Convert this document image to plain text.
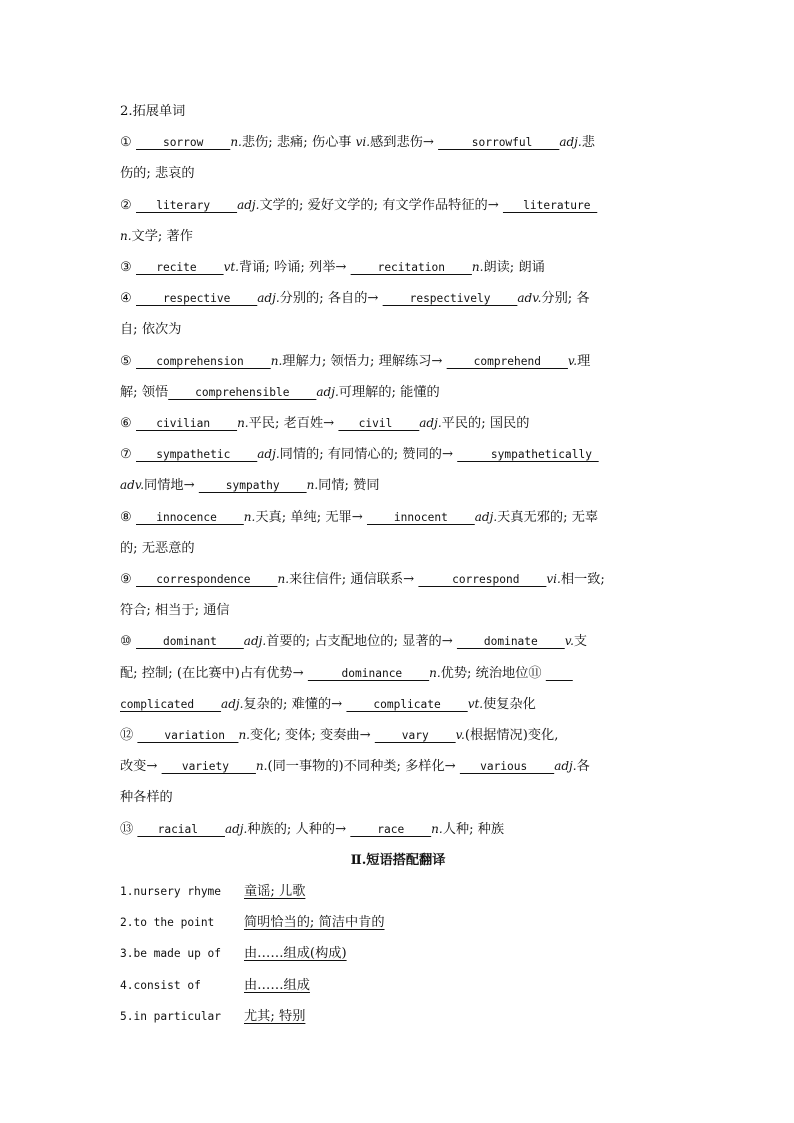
2.拓展单词
①     sorrow    n.悲伤; 悲痛; 伤心事 vi.感到悲伤→      sorrowful    adj.悲
伤的; 悲哀的
②    literary    adj.文学的; 爱好文学的; 有文学作品特征的→    literature
n.文学; 著作
③    recite    vt.背诵; 吟诵; 列举→     recitation    n.朗读; 朗诵
④     respective    adj.分别的; 各自的→     respectively    adv.分别; 各
自; 依次为
⑤    comprehension    n.理解力; 领悟力; 理解练习→     comprehend    v.理
解; 领悟    comprehensible    adj.可理解的; 能懂的
⑥    civilian    n.平民; 老百姓→    civil    adj.平民的; 国民的
⑦    sympathetic    adj.同情的; 有同情心的; 赞同的→      sympathetically
adv.同情地→     sympathy    n.同情; 赞同
⑧    innocence    n.天真; 单纯; 无罪→     innocent    adj.天真无邪的; 无辜
的; 无恶意的
⑨    correspondence    n.来往信件; 通信联系→      correspond    vi.相一致;
符合; 相当于; 通信
⑩     dominant    adj.首要的; 占支配地位的; 显著的→     dominate    v.支
配; 控制; (在比赛中)占有优势→      dominance    n.优势; 统治地位⑪
complicated    adj.复杂的; 难懂的→     complicate    vt.使复杂化
⑫     variation  n.变化; 变体; 变奏曲→     vary    v.(根据情况)变化,
改变→    variety    n.(同一事物的)不同种类; 多样化→    various    adj.各
种各样的
⑬    racial    adj.种族的; 人种的→     race    n.人种; 种族
Ⅱ.短语搭配翻译
1.nursery rhyme 童谣; 儿歌
2.to the point 简明恰当的; 简洁中肯的
3.be made up of 由……组成(构成)
4.consist of	由……组成
5.in particular 尤其; 特别
